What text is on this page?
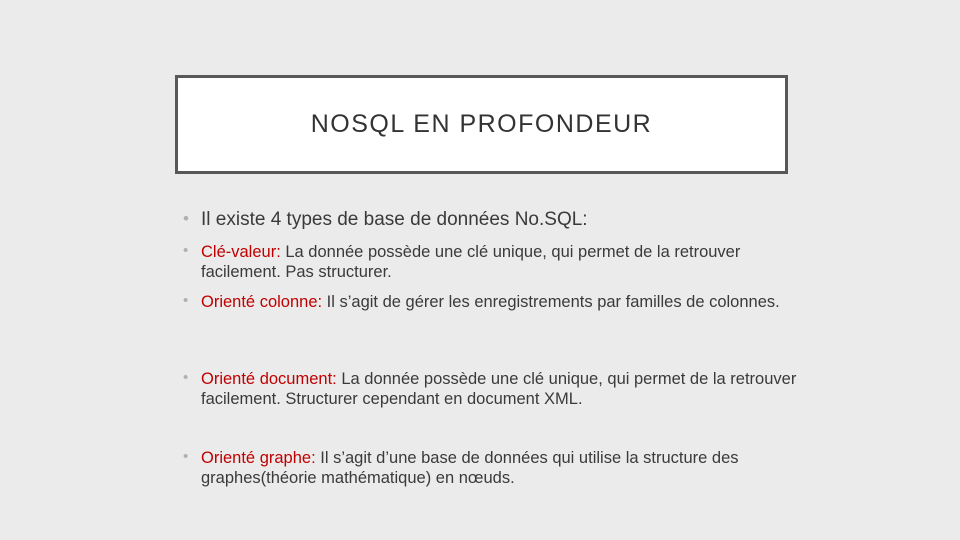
NOSQL EN PROFONDEUR
• Il existe 4 types de base de données No.SQL:
• Clé-valeur: La donnée possède une clé unique, qui permet de la retrouver facilement. Pas structurer.
• Orienté colonne: Il s’agit de gérer les enregistrements par familles de colonnes.
• Orienté document: La donnée possède une clé unique, qui permet de la retrouver facilement. Structurer cependant en document XML.
• Orienté graphe: Il s’agit d’une base de données qui utilise la structure des graphes(théorie mathématique) en nœuds.
